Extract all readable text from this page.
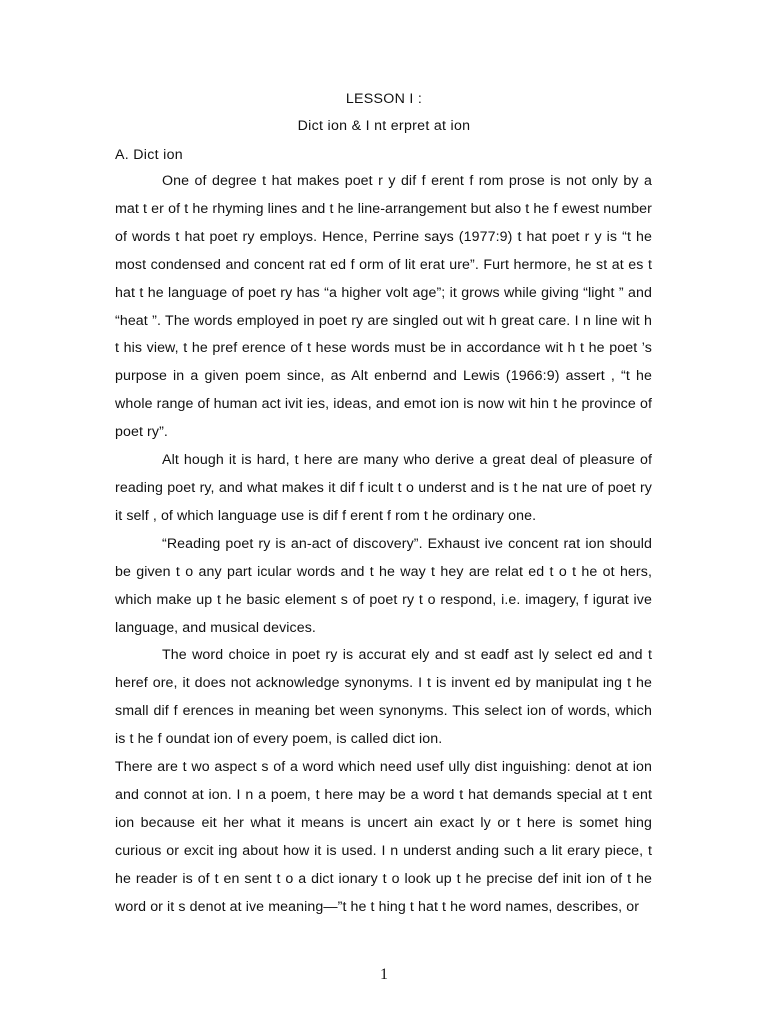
LESSON I :
Dict ion & I nt erpret at ion
A. Dict ion

One of degree t hat makes poet r y dif f erent f rom prose is not only by a mat t er of t he rhyming lines and t he line-arrangement but also t he f ewest number of words t hat poet ry employs. Hence, Perrine says (1977:9) t hat poet r y is “t he most condensed and concent rat ed f orm of lit erat ure”. Furt hermore, he st at es t hat t he language of poet ry has “a higher volt age”; it grows while giving “light ” and “heat ”. The words employed in poet ry are singled out wit h great care. I n line wit h t his view, t he pref erence of t hese words must be in accordance wit h t he poet ’s purpose in a given poem since, as Alt enbernd and Lewis (1966:9) assert , “t he whole range of human act ivit ies, ideas, and emot ion is now wit hin t he province of poet ry”.

Alt hough it is hard, t here are many who derive a great deal of pleasure of reading poet ry, and what makes it dif f icult t o underst and is t he nat ure of poet ry it self , of which language use is dif f erent f rom t he ordinary one.

“Reading poet ry is an-act of discovery”. Exhaust ive concent rat ion should be given t o any part icular words and t he way t hey are relat ed t o t he ot hers, which make up t he basic element s of poet ry t o respond, i.e. imagery, f igurat ive language, and musical devices.

The word choice in poet ry is accurat ely and st eadf ast ly select ed and t heref ore, it does not acknowledge synonyms. I t is invent ed by manipulat ing t he small dif f erences in meaning bet ween synonyms. This select ion of words, which is t he f oundat ion of every poem, is called dict ion.

There are t wo aspect s of a word which need usef ully dist inguishing: denot at ion and connot at ion. I n a poem, t here may be a word t hat demands special at t ent ion because eit her what it means is uncert ain exact ly or t here is somet hing curious or excit ing about how it is used. I n underst anding such a lit erary piece, t he reader is of t en sent t o a dict ionary t o look up t he precise def init ion of t he word or it s denot at ive meaning—”t he t hing t hat t he word names, describes, or

1
